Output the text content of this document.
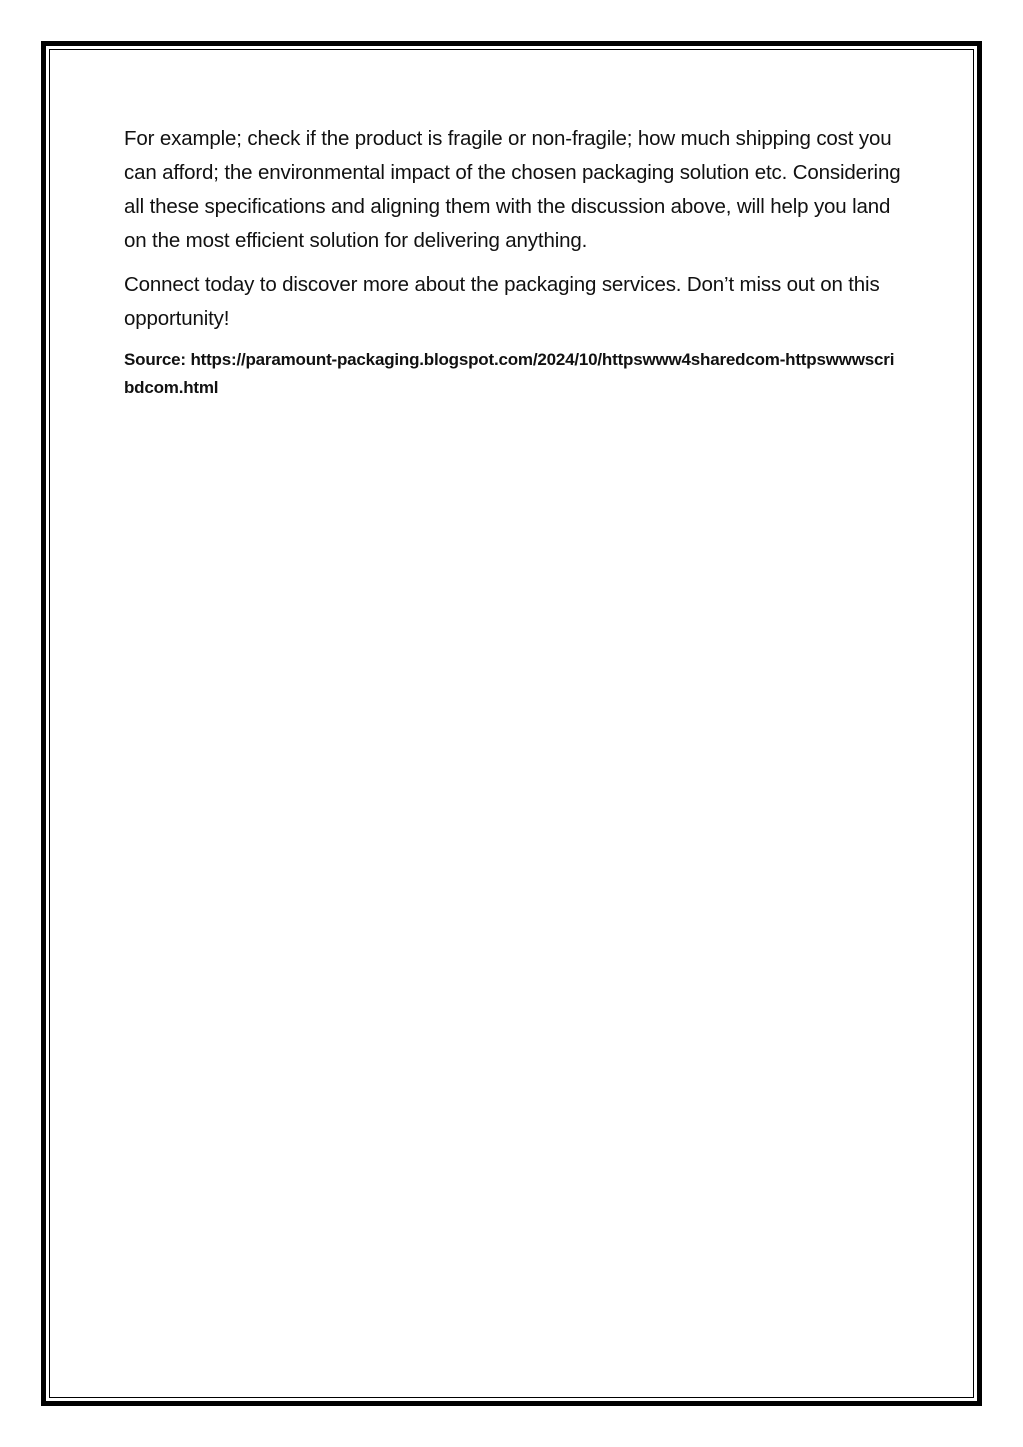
For example; check if the product is fragile or non-fragile; how much shipping cost you can afford; the environmental impact of the chosen packaging solution etc. Considering all these specifications and aligning them with the discussion above, will help you land on the most efficient solution for delivering anything.

Connect today to discover more about the packaging services. Don’t miss out on this opportunity!

Source: https://paramount-packaging.blogspot.com/2024/10/httpswww4sharedcom-httpswwwscribdcom.html
